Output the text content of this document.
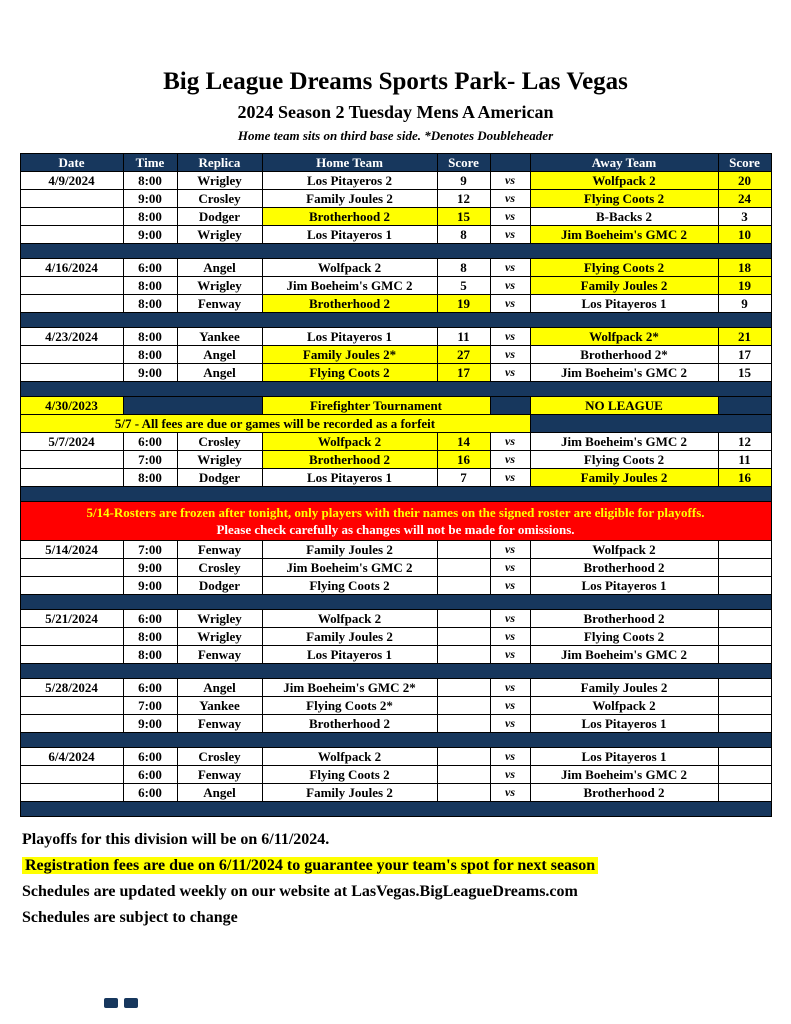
Big League Dreams Sports Park- Las Vegas
2024 Season 2 Tuesday Mens A American
Home team sits on third base side. *Denotes Doubleheader
Date	Time	Replica	Home Team	Score		Away Team	Score
4/9/2024	8:00	Wrigley	Los Pitayeros 2	9	vs	Wolfpack 2	20
	9:00	Crosley	Family Joules 2	12	vs	Flying Coots 2	24
	8:00	Dodger	Brotherhood 2	15	vs	B-Backs 2	3
	9:00	Wrigley	Los Pitayeros 1	8	vs	Jim Boeheim's GMC 2	10

4/16/2024	6:00	Angel	Wolfpack 2	8	vs	Flying Coots 2	18
	8:00	Wrigley	Jim Boeheim's GMC 2	5	vs	Family Joules 2	19
	8:00	Fenway	Brotherhood 2	19	vs	Los Pitayeros 1	9

4/23/2024	8:00	Yankee	Los Pitayeros 1	11	vs	Wolfpack 2*	21
	8:00	Angel	Family Joules 2*	27	vs	Brotherhood 2*	17
	9:00	Angel	Flying Coots 2	17	vs	Jim Boeheim's GMC 2	15

4/30/2023			Firefighter Tournament			NO LEAGUE	
5/7 - All fees are due or games will be recorded as a forfeit							
5/7/2024	6:00	Crosley	Wolfpack 2	14	vs	Jim Boeheim's GMC 2	12
	7:00	Wrigley	Brotherhood 2	16	vs	Flying Coots 2	11
	8:00	Dodger	Los Pitayeros 1	7	vs	Family Joules 2	16

5/14-Rosters are frozen after tonight, only players with their names on the signed roster are eligible for playoffs.
Please check carefully as changes will not be made for omissions.							

5/14/2024	7:00	Fenway	Family Joules 2		vs	Wolfpack 2	
	9:00	Crosley	Jim Boeheim's GMC 2		vs	Brotherhood 2	
	9:00	Dodger	Flying Coots 2		vs	Los Pitayeros 1	

5/21/2024	6:00	Wrigley	Wolfpack 2		vs	Brotherhood 2	
	8:00	Wrigley	Family Joules 2		vs	Flying Coots 2	
	8:00	Fenway	Los Pitayeros 1		vs	Jim Boeheim's GMC 2	

5/28/2024	6:00	Angel	Jim Boeheim's GMC 2*		vs	Family Joules 2	
	7:00	Yankee	Flying Coots 2*		vs	Wolfpack 2	
	9:00	Fenway	Brotherhood 2		vs	Los Pitayeros 1	

6/4/2024	6:00	Crosley	Wolfpack 2		vs	Los Pitayeros 1	
	6:00	Fenway	Flying Coots 2		vs	Jim Boeheim's GMC 2	
	6:00	Angel	Family Joules 2		vs	Brotherhood 2	

Playoffs for this division will be on 6/11/2024.
Registration fees are due on 6/11/2024 to guarantee your team's spot for next season
Schedules are updated weekly on our website at LasVegas.BigLeagueDreams.com
Schedules are subject to change
